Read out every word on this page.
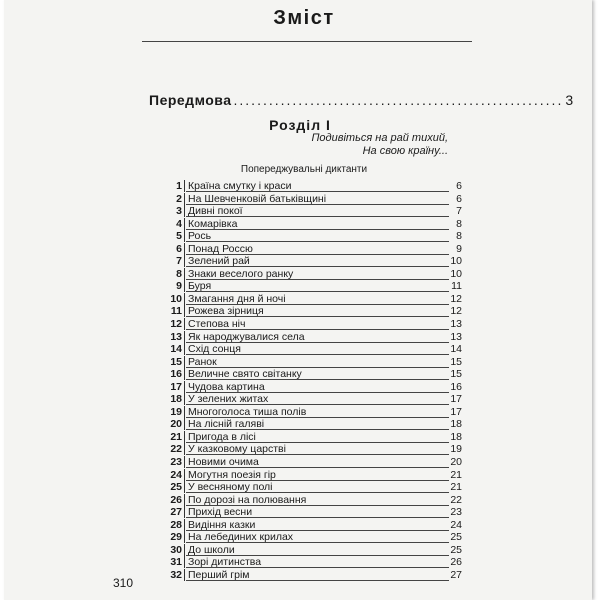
Зміст
Передмова ........................................................ 3
Розділ I
Подивіться на рай тихий,
На свою країну...
Попереджувальні диктанти
1 Країна смутку і краси	6
2 На Шевченковій батьківщині	6
3 Дивні покої	7
4 Комарівка	8
5 Рось	8
6 Понад Россю	9
7 Зелений рай	10
8 Знаки веселого ранку	10
9 Буря	11
10 Змагання дня й ночі	12
11 Рожева зірниця	12
12 Степова ніч	13
13 Як народжувалися села	13
14 Схід сонця	14
15 Ранок	15
16 Величне свято світанку	15
17 Чудова картина	16
18 У зелених житах	17
19 Многоголоса тиша полів	17
20 На лісній галяві	18
21 Пригода в лісі	18
22 У казковому царстві	19
23 Новими очима	20
24 Могутня поезія гір	21
25 У весняному полі	21
26 По дорозі на полювання	22
27 Прихід весни	23
28 Видіння казки	24
29 На лебединих крилах	25
30 До школи	25
31 Зорі дитинства	26
32 Перший грім	27
310
